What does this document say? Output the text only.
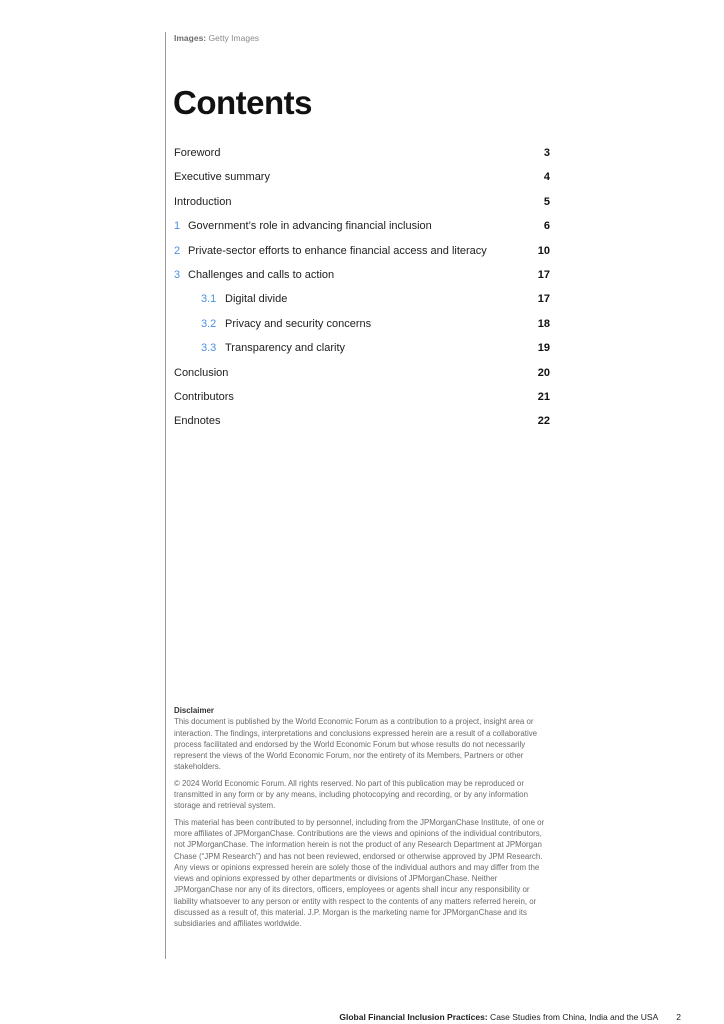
Images: Getty Images
Contents
Foreword	3
Executive summary	4
Introduction	5
1 Government’s role in advancing financial inclusion	6
2 Private-sector efforts to enhance financial access and literacy	10
3 Challenges and calls to action	17
3.1 Digital divide	17
3.2 Privacy and security concerns	18
3.3 Transparency and clarity	19
Conclusion	20
Contributors	21
Endnotes	22
Disclaimer

This document is published by the World Economic Forum as a contribution to a project, insight area or interaction. The findings, interpretations and conclusions expressed herein are a result of a collaborative process facilitated and endorsed by the World Economic Forum but whose results do not necessarily represent the views of the World Economic Forum, nor the entirety of its Members, Partners or other stakeholders.

© 2024 World Economic Forum. All rights reserved. No part of this publication may be reproduced or transmitted in any form or by any means, including photocopying and recording, or by any information storage and retrieval system.

This material has been contributed to by personnel, including from the JPMorganChase Institute, of one or more affiliates of JPMorganChase. Contributions are the views and opinions of the individual contributors, not JPMorganChase. The information herein is not the product of any Research Department at JPMorgan Chase (“JPM Research”) and has not been reviewed, endorsed or otherwise approved by JPM Research. Any views or opinions expressed herein are solely those of the individual authors and may differ from the views and opinions expressed by other departments or divisions of JPMorganChase. Neither JPMorganChase nor any of its directors, officers, employees or agents shall incur any responsibility or liability whatsoever to any person or entity with respect to the contents of any matters referred herein, or discussed as a result of, this material. J.P. Morgan is the marketing name for JPMorganChase and its subsidiaries and affiliates worldwide.

Global Financial Inclusion Practices: Case Studies from China, India and the USA 2
